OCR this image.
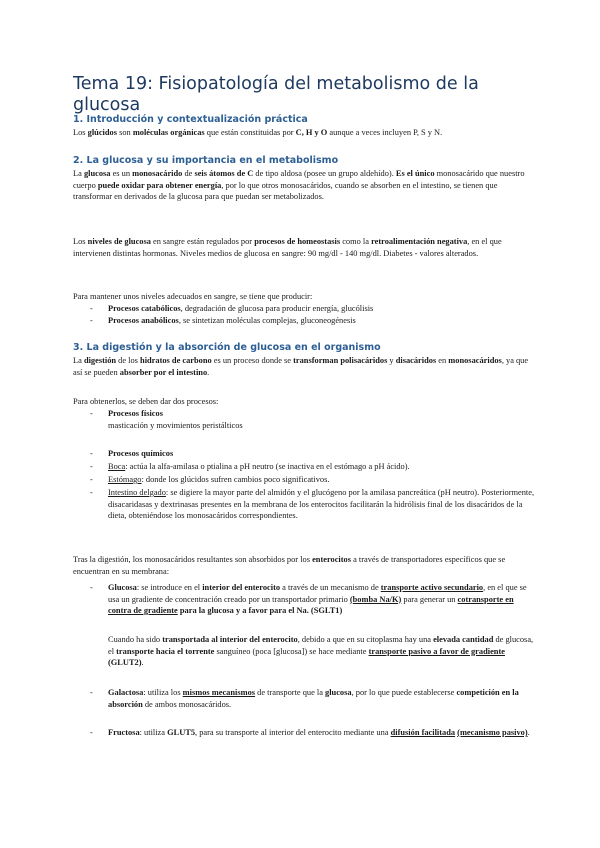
Tema 19: Fisiopatología del metabolismo de la glucosa
1. Introducción y contextualización práctica

Los glúcidos son moléculas orgánicas que están constituidas por C, H y O aunque a veces incluyen P, S y N.

2. La glucosa y su importancia en el metabolismo

La glucosa es un monosacárido de seis átomos de C de tipo aldosa (posee un grupo aldehído). Es el único monosacárido que nuestro cuerpo puede oxidar para obtener energía, por lo que otros monosacáridos, cuando se absorben en el intestino, se tienen que transformar en derivados de la glucosa para que puedan ser metabolizados.

Los niveles de glucosa en sangre están regulados por procesos de homeostasis como la retroalimentación negativa, en el que intervienen distintas hormonas. Niveles medios de glucosa en sangre: 90 mg/dl - 140 mg/dl. Diabetes - valores alterados.

Para mantener unos niveles adecuados en sangre, se tiene que producir:

-	Procesos catabólicos, degradación de glucosa para producir energía, glucólisis
-	Procesos anabólicos, se sintetizan moléculas complejas, gluconeogénesis
3. La digestión y la absorción de glucosa en el organismo

La digestión de los hidratos de carbono es un proceso donde se transforman polisacáridos y disacáridos en monosacáridos, ya que así se pueden absorber por el intestino.

Para obtenerlos, se deben dar dos procesos:

-	Procesos físicos
masticación y movimientos peristálticos
-	Procesos químicos
-	Boca: actúa la alfa-amilasa o ptialina a pH neutro (se inactiva en el estómago a pH ácido).
-	Estómago: donde los glúcidos sufren cambios poco significativos.
-	Intestino delgado: se digiere la mayor parte del almidón y el glucógeno por la amilasa pancreática (pH neutro). Posteriormente, disacaridasas y dextrinasas presentes en la membrana de los enterocitos facilitarán la hidrólisis final de los disacáridos de la dieta, obteniéndose los monosacáridos correspondientes.

Tras la digestión, los monosacáridos resultantes son absorbidos por los enterocitos a través de transportadores específicos que se encuentran en su membrana:

-	Glucosa: se introduce en el interior del enterocito a través de un mecanismo de transporte activo secundario, en el que se usa un gradiente de concentración creado por un transportador primario (bomba Na/K) para generar un cotransporte en contra de gradiente para la glucosa y a favor para el Na. (SGLT1)

Cuando ha sido transportada al interior del enterocito, debido a que en su citoplasma hay una elevada cantidad de glucosa, el transporte hacia el torrente sanguíneo (poca [glucosa]) se hace mediante transporte pasivo a favor de gradiente (GLUT2).

-	Galactosa: utiliza los mismos mecanismos de transporte que la glucosa, por lo que puede establecerse competición en la absorción de ambos monosacáridos.
-	Fructosa: utiliza GLUT5, para su transporte al interior del enterocito mediante una difusión facilitada (mecanismo pasivo).
